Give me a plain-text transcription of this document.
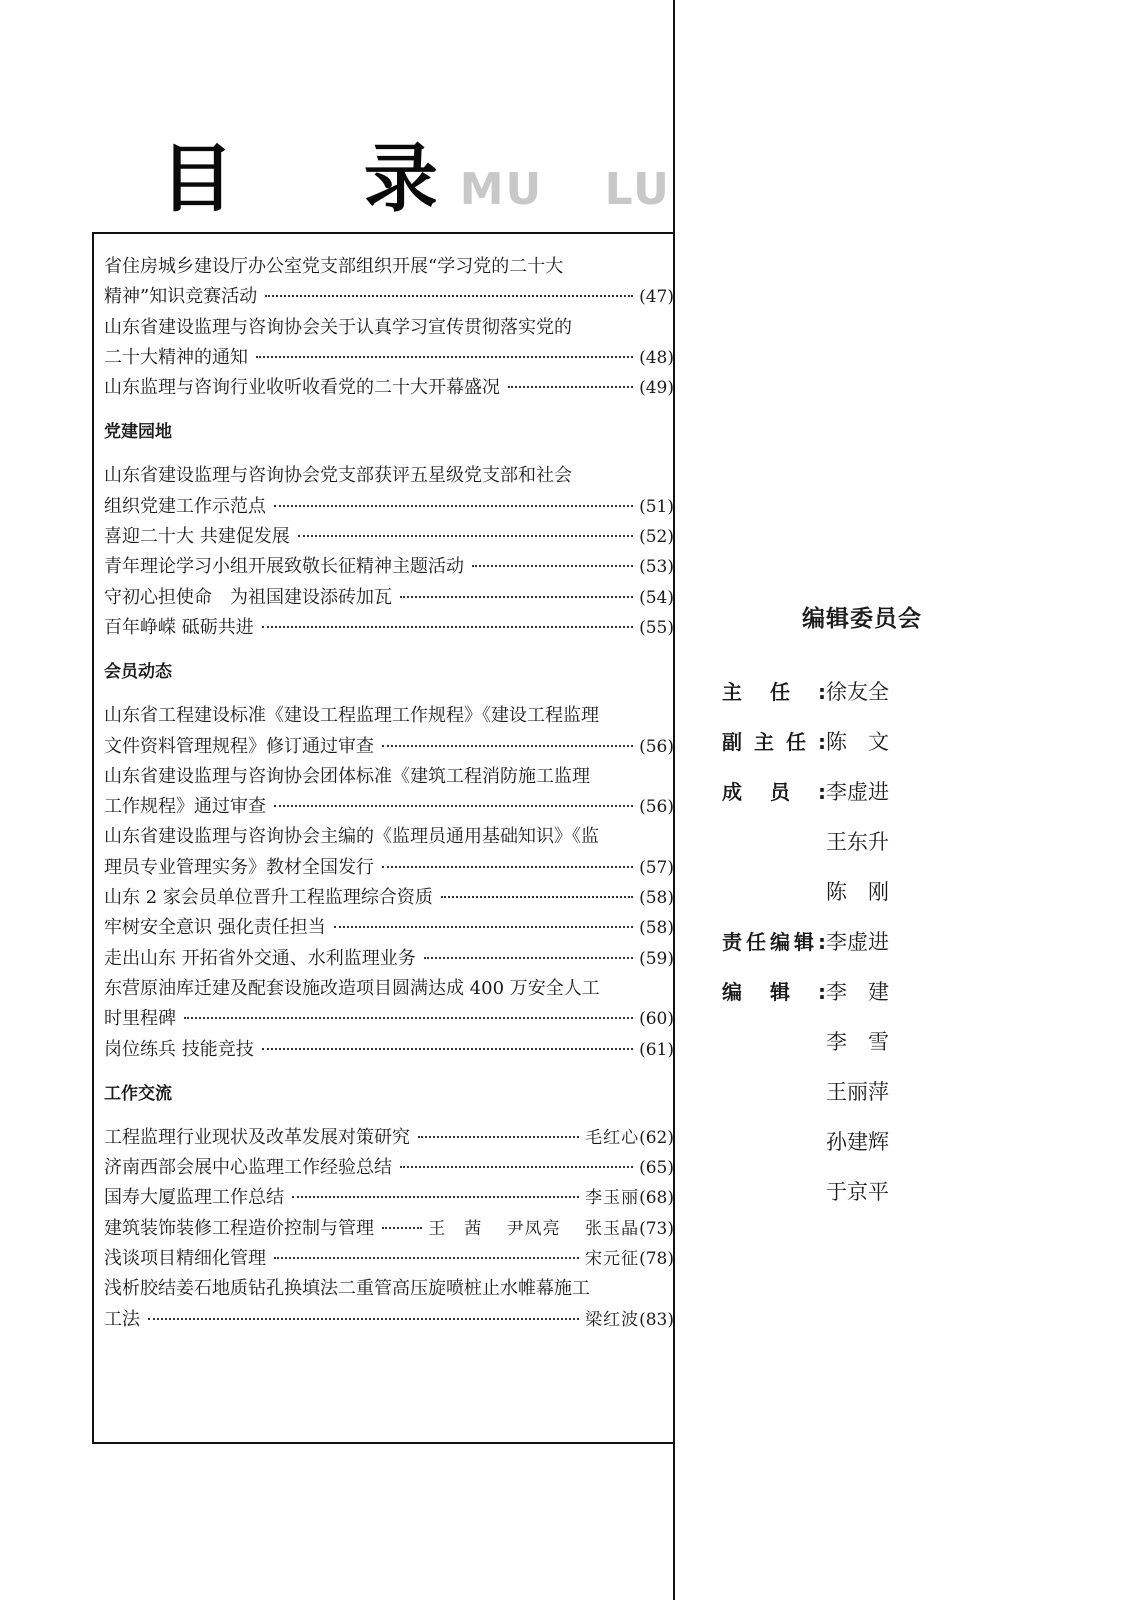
目 录
MU LU
省住房城乡建设厅办公室党支部组织开展“学习党的二十大
精神”知识竞赛活动	(47)
山东省建设监理与咨询协会关于认真学习宣传贯彻落实党的
二十大精神的通知	(48)
山东监理与咨询行业收听收看党的二十大开幕盛况	(49)
党建园地
山东省建设监理与咨询协会党支部获评五星级党支部和社会
组织党建工作示范点	(51)
喜迎二十大 共建促发展	(52)
青年理论学习小组开展致敬长征精神主题活动	(53)
守初心担使命　为祖国建设添砖加瓦	(54)
百年峥嵘 砥砺共进	(55)
会员动态
山东省工程建设标准《建设工程监理工作规程》《建设工程监理
文件资料管理规程》修订通过审查	(56)
山东省建设监理与咨询协会团体标准《建筑工程消防施工监理
工作规程》通过审查	(56)
山东省建设监理与咨询协会主编的《监理员通用基础知识》《监
理员专业管理实务》教材全国发行	(57)
山东 2 家会员单位晋升工程监理综合资质	(58)
牢树安全意识 强化责任担当	(58)
走出山东 开拓省外交通、水利监理业务	(59)
东营原油库迁建及配套设施改造项目圆满达成 400 万安全人工
时里程碑	(60)
岗位练兵 技能竞技	(61)
工作交流
工程监理行业现状及改革发展对策研究	毛红心 (62)
济南西部会展中心监理工作经验总结	(65)
国寿大厦监理工作总结	李玉丽 (68)
建筑装饰装修工程造价控制与管理	王　茜　 尹凤亮　 张玉晶 (73)
浅谈项目精细化管理	宋元征 (78)
浅析胶结姜石地质钻孔换填法二重管高压旋喷桩止水帷幕施工
工法	梁红波 (83)
编辑委员会
主任: 徐友全
副主任: 陈　文
成员: 李虚进
王东升
陈　刚
责任编辑: 李虚进
编辑: 李　建
李　雪
王丽萍
孙建辉
于京平
